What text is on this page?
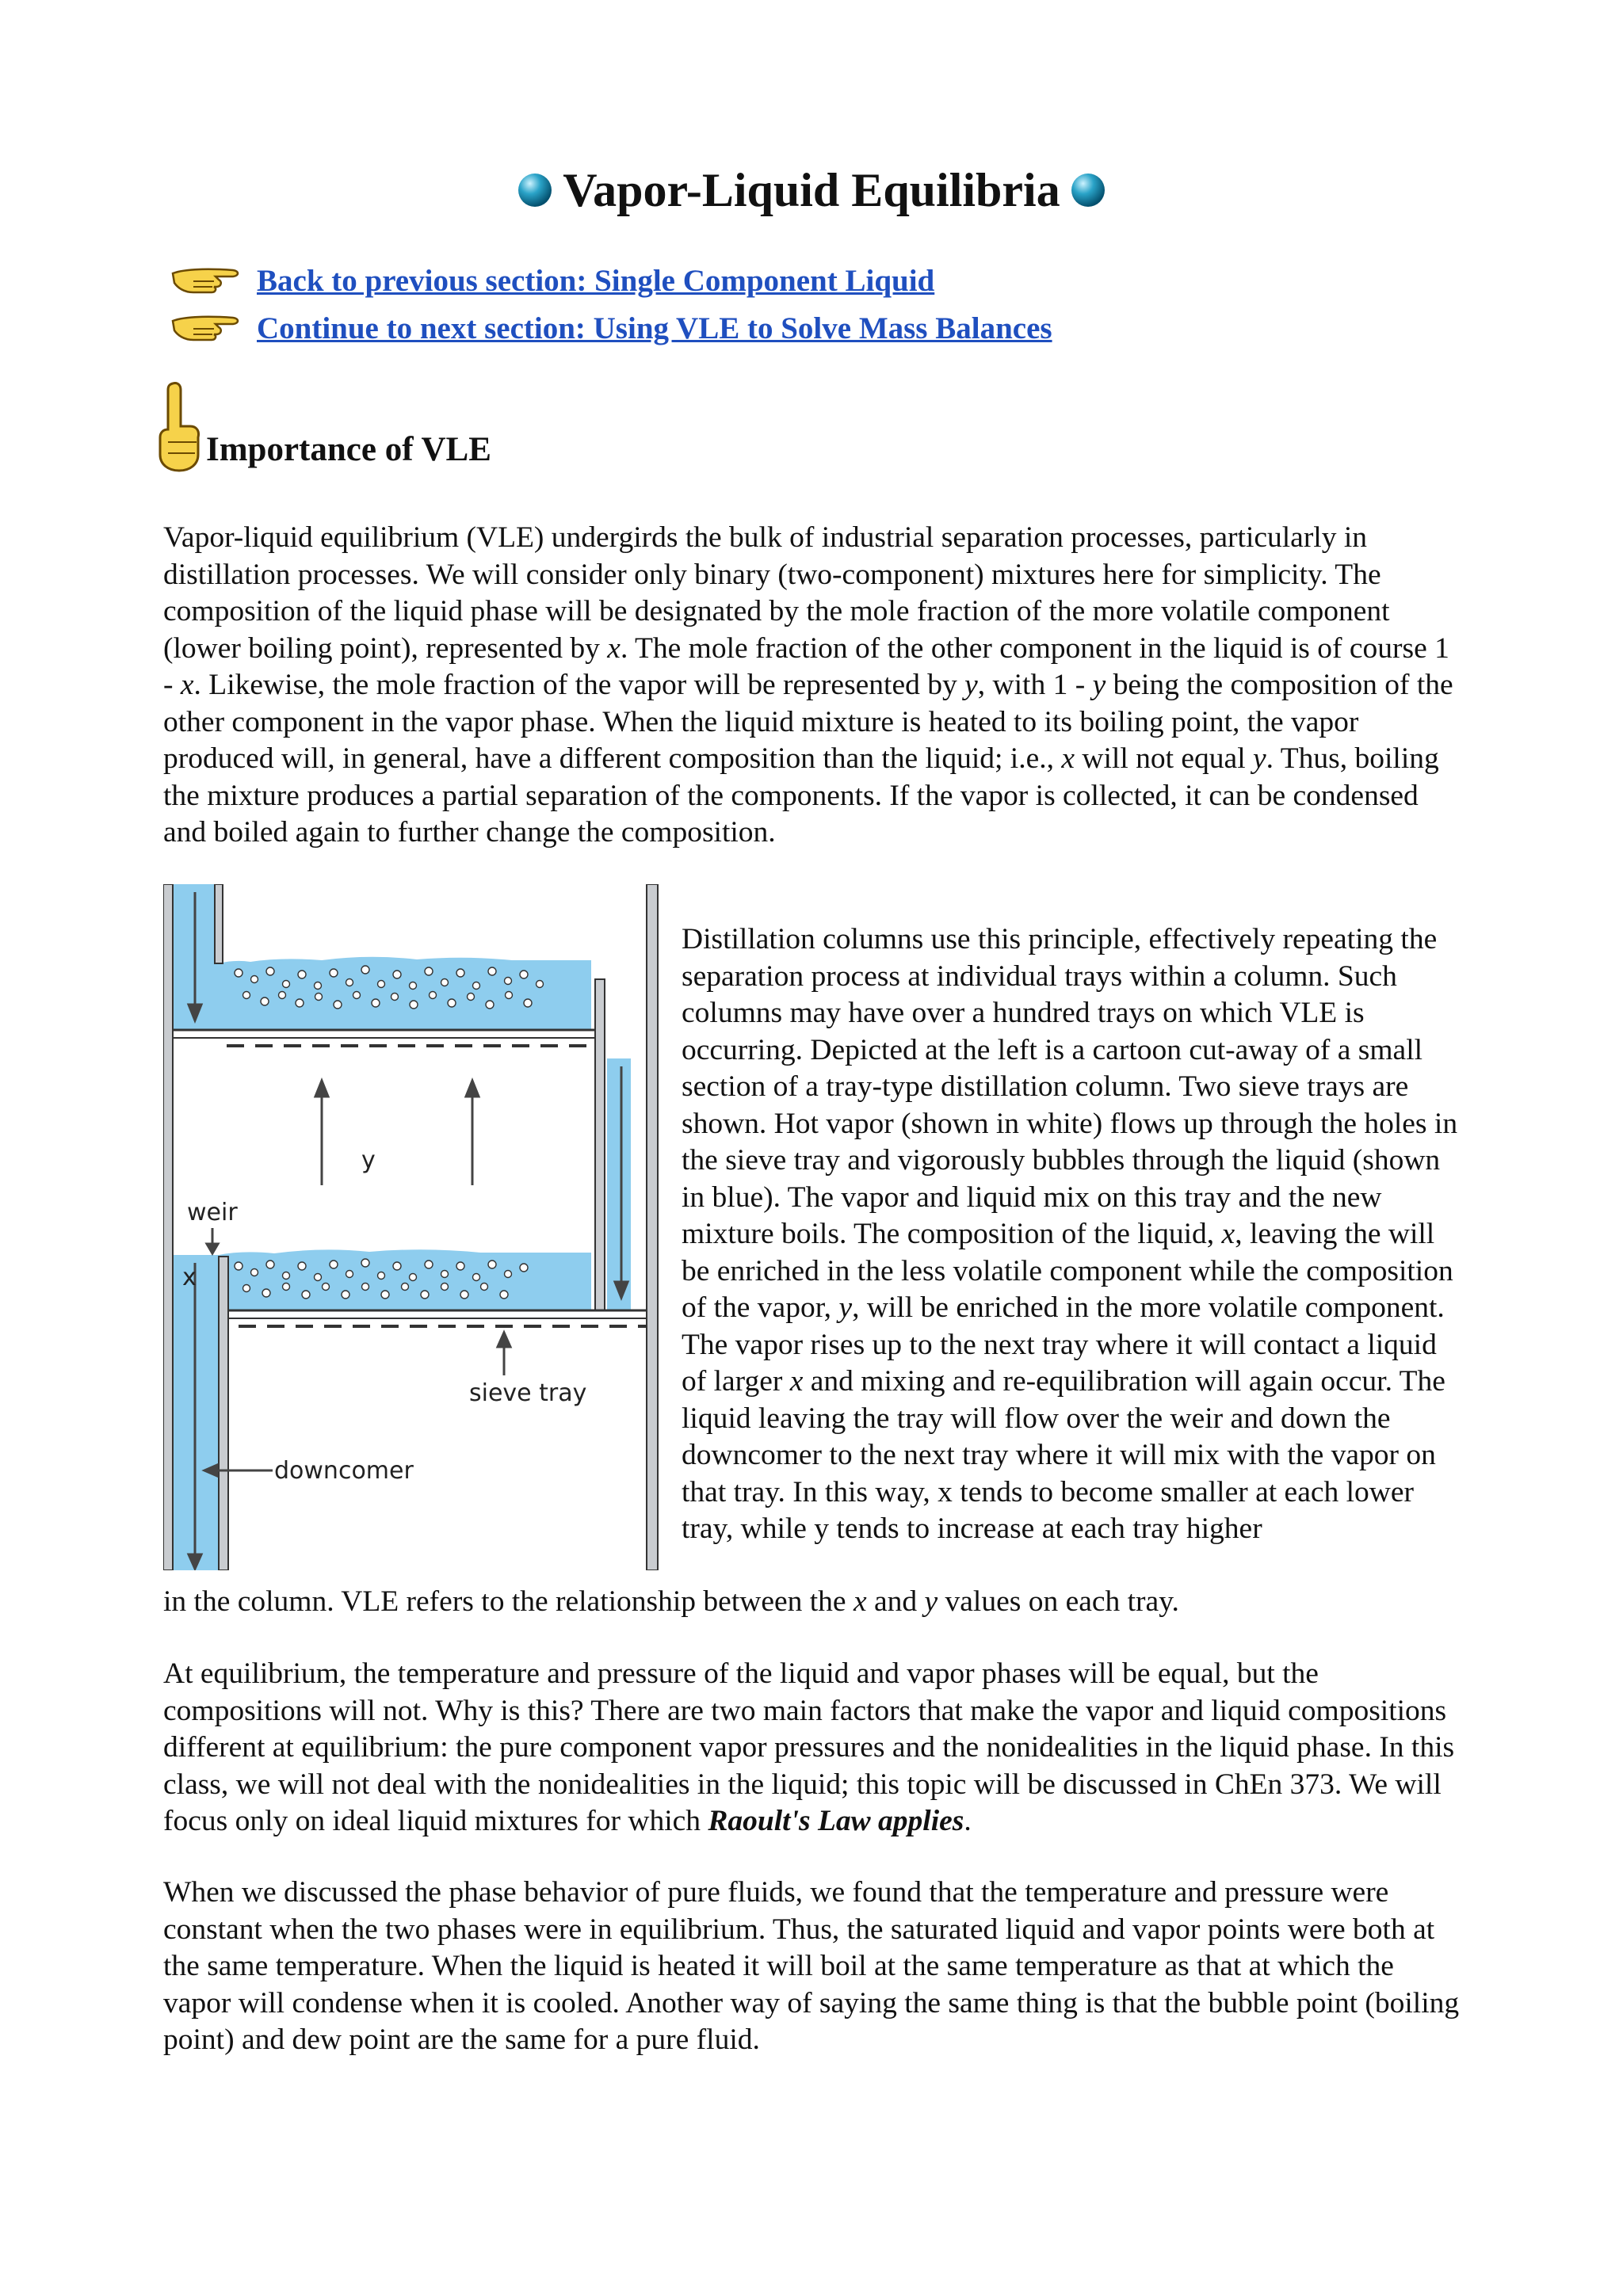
Vapor-Liquid Equilibria
Back to previous section: Single Component Liquid
Continue to next section: Using VLE to Solve Mass Balances
Importance of VLE

Vapor-liquid equilibrium (VLE) undergirds the bulk of industrial separation processes, particularly in distillation processes. We will consider only binary (two-component) mixtures here for simplicity. The composition of the liquid phase will be designated by the mole fraction of the more volatile component (lower boiling point), represented by x. The mole fraction of the other component in the liquid is of course 1 - x. Likewise, the mole fraction of the vapor will be represented by y, with 1 - y being the composition of the other component in the vapor phase. When the liquid mixture is heated to its boiling point, the vapor produced will, in general, have a different composition than the liquid; i.e., x will not equal y. Thus, boiling the mixture produces a partial separation of the components. If the vapor is collected, it can be condensed and boiled again to further change the composition.

y
weir
x
sieve tray
downcomer

Distillation columns use this principle, effectively repeating the separation process at individual trays within a column. Such columns may have over a hundred trays on which VLE is occurring. Depicted at the left is a cartoon cut-away of a small section of a tray-type distillation column. Two sieve trays are shown. Hot vapor (shown in white) flows up through the holes in the sieve tray and vigorously bubbles through the liquid (shown in blue). The vapor and liquid mix on this tray and the new mixture boils. The composition of the liquid, x, leaving the will be enriched in the less volatile component while the composition of the vapor, y, will be enriched in the more volatile component. The vapor rises up to the next tray where it will contact a liquid of larger x and mixing and re-equilibration will again occur. The liquid leaving the tray will flow over the weir and down the downcomer to the next tray where it will mix with the vapor on that tray. In this way, x tends to become smaller at each lower tray, while y tends to increase at each tray higher

in the column. VLE refers to the relationship between the x and y values on each tray.

At equilibrium, the temperature and pressure of the liquid and vapor phases will be equal, but the compositions will not. Why is this? There are two main factors that make the vapor and liquid compositions different at equilibrium: the pure component vapor pressures and the nonidealities in the liquid phase. In this class, we will not deal with the nonidealities in the liquid; this topic will be discussed in ChEn 373. We will focus only on ideal liquid mixtures for which Raoult's Law applies.

When we discussed the phase behavior of pure fluids, we found that the temperature and pressure were constant when the two phases were in equilibrium. Thus, the saturated liquid and vapor points were both at the same temperature. When the liquid is heated it will boil at the same temperature as that at which the vapor will condense when it is cooled. Another way of saying the same thing is that the bubble point (boiling point) and dew point are the same for a pure fluid.
